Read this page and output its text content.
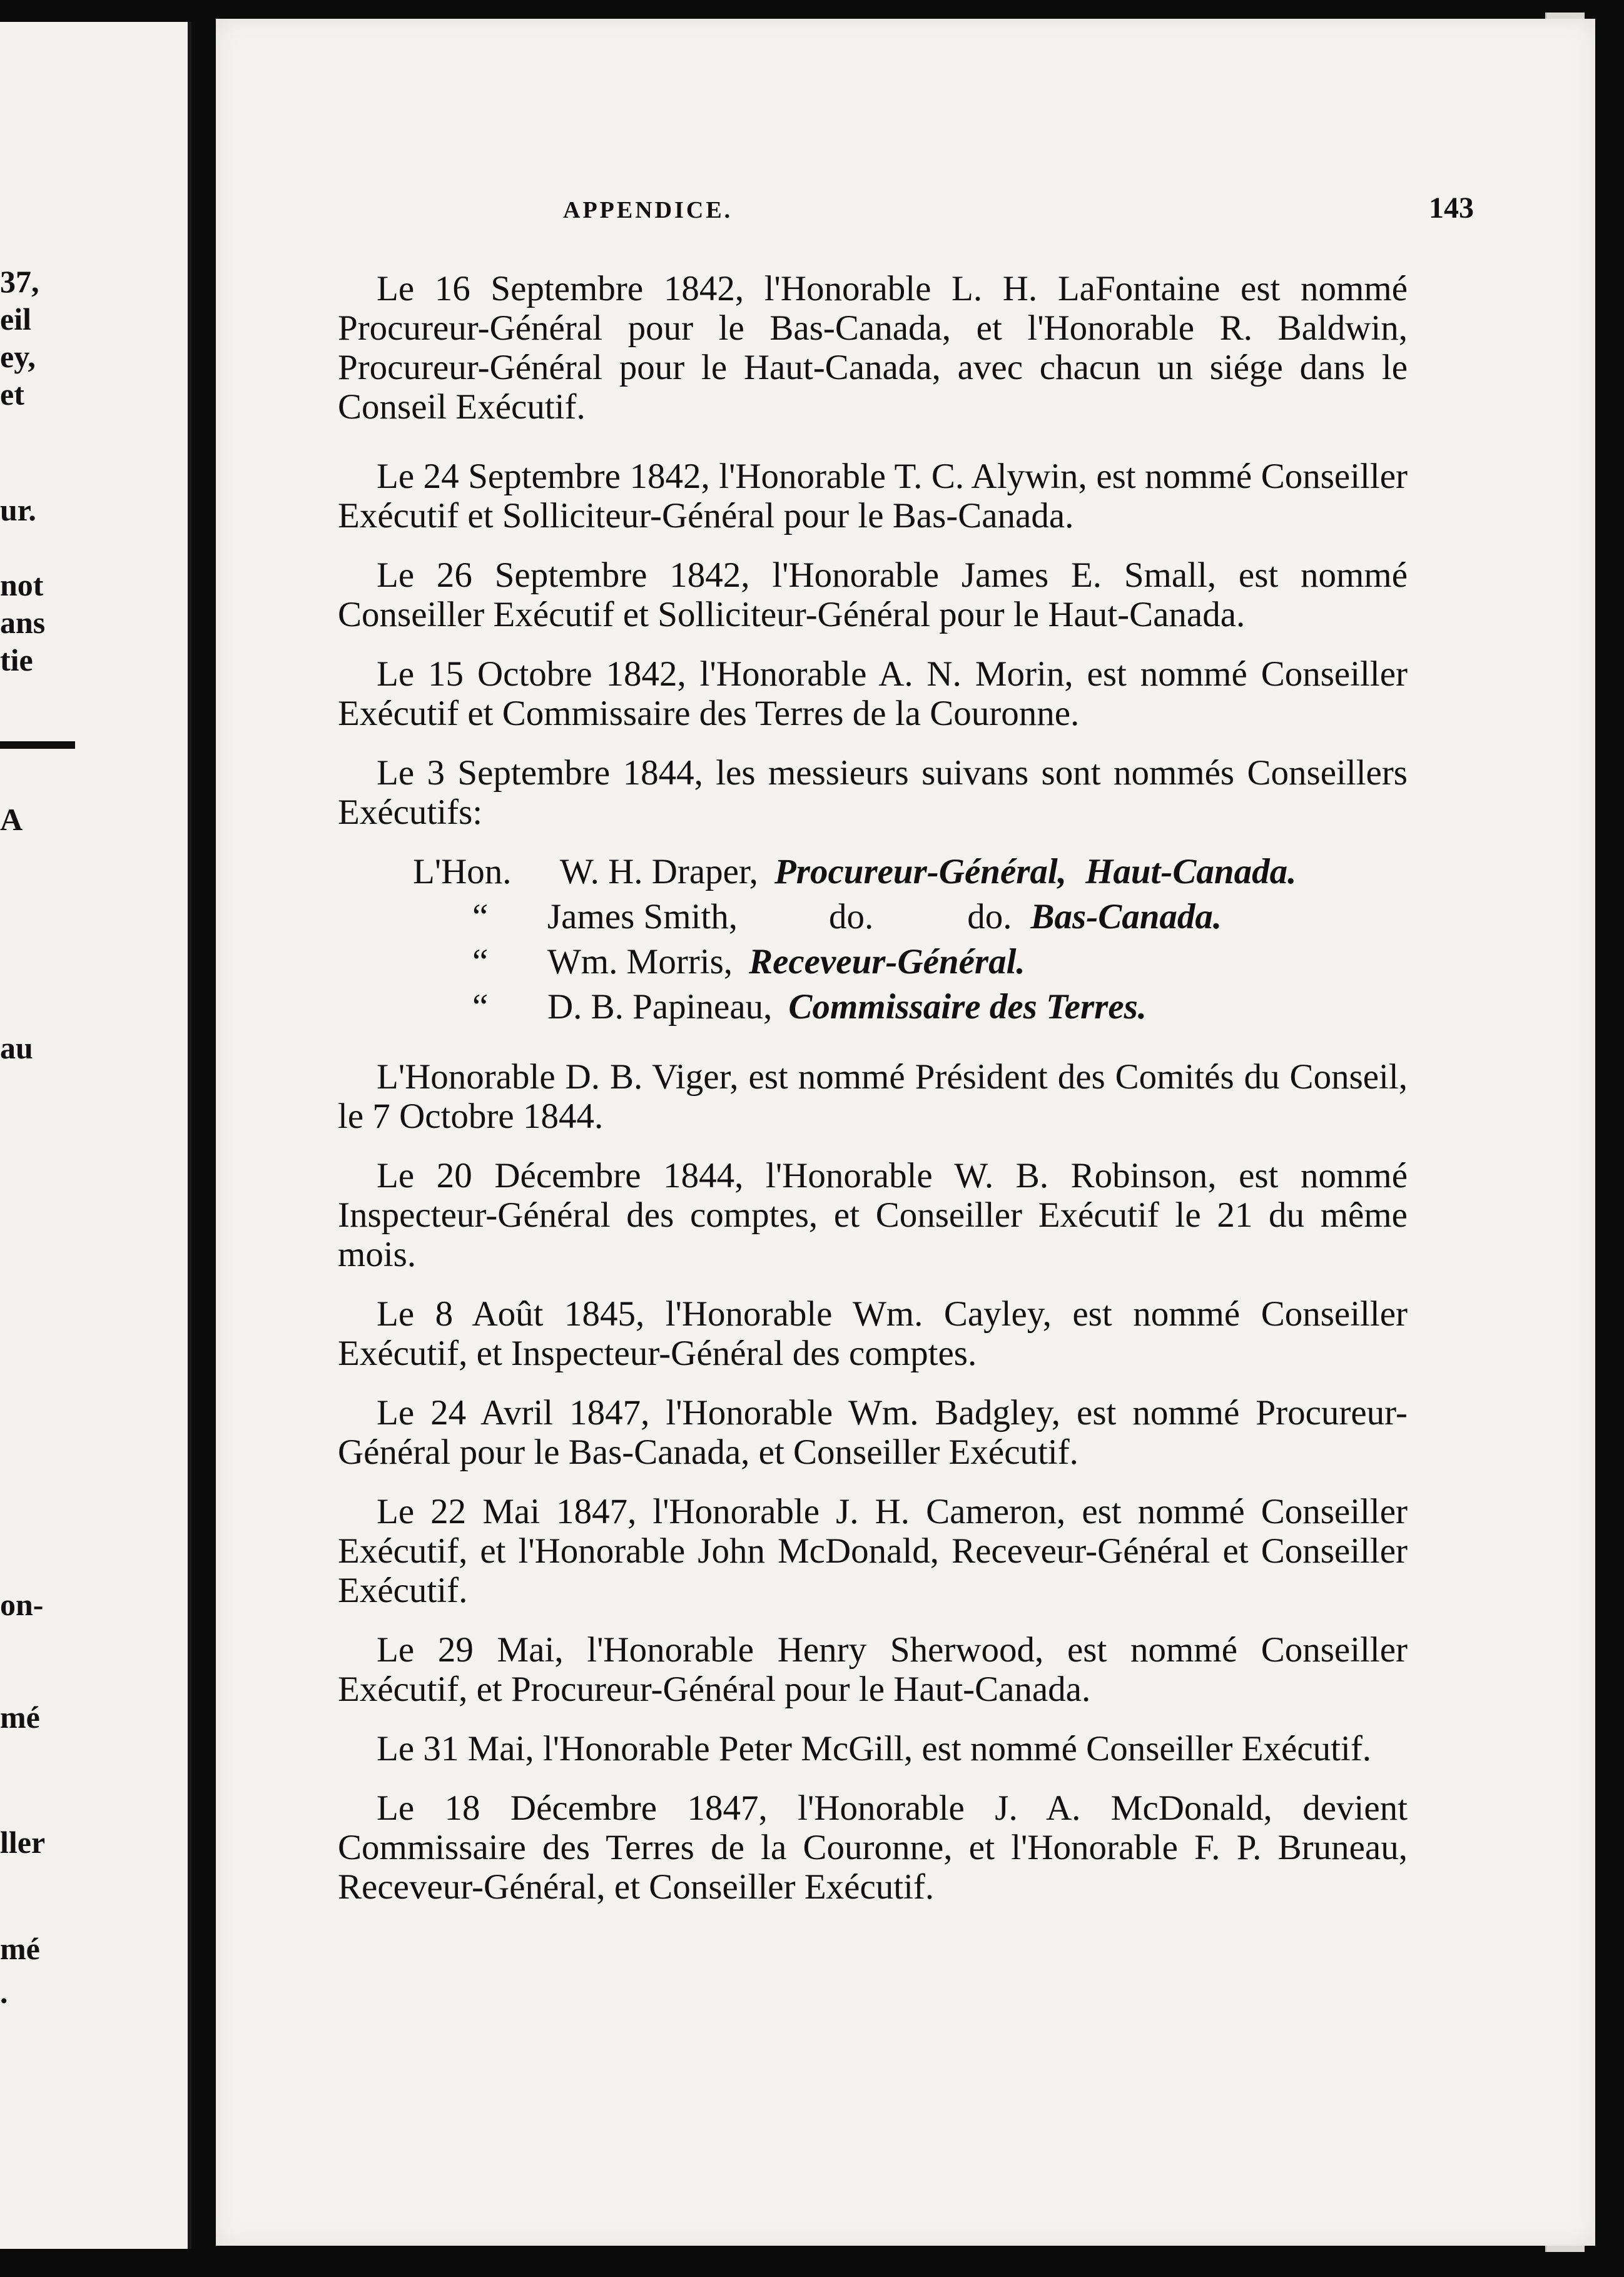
37,
eil
ey,
et
ur.
not
ans
tie
A
au
on-
mé
ller
mé
.
APPENDICE.	143

Le 16 Septembre 1842, l'Honorable L. H. LaFontaine est nommé Procureur-Général pour le Bas-Canada, et l'Honorable R. Baldwin, Procureur-Général pour le Haut-Canada, avec chacun un siége dans le Conseil Exécutif.

Le 24 Septembre 1842, l'Honorable T. C. Alywin, est nommé Conseiller Exécutif et Solliciteur-Général pour le Bas-Canada.

Le 26 Septembre 1842, l'Honorable James E. Small, est nommé Conseiller Exécutif et Solliciteur-Général pour le Haut-Canada.

Le 15 Octobre 1842, l'Honorable A. N. Morin, est nommé Conseiller Exécutif et Commissaire des Terres de la Couronne.

Le 3 Septembre 1844, les messieurs suivans sont nommés Conseillers Exécutifs:

L'Hon.	W. H. Draper, Procureur-Général, Haut-Canada.
“	James Smith,	do.	do. Bas-Canada.
“	Wm. Morris, Receveur-Général.
“	D. B. Papineau, Commissaire des Terres.

L'Honorable D. B. Viger, est nommé Président des Comités du Conseil, le 7 Octobre 1844.

Le 20 Décembre 1844, l'Honorable W. B. Robinson, est nommé Inspecteur-Général des comptes, et Conseiller Exécutif le 21 du même mois.

Le 8 Août 1845, l'Honorable Wm. Cayley, est nommé Conseiller Exécutif, et Inspecteur-Général des comptes.

Le 24 Avril 1847, l'Honorable Wm. Badgley, est nommé Procureur-Général pour le Bas-Canada, et Conseiller Exécutif.

Le 22 Mai 1847, l'Honorable J. H. Cameron, est nommé Conseiller Exécutif, et l'Honorable John McDonald, Receveur-Général et Conseiller Exécutif.

Le 29 Mai, l'Honorable Henry Sherwood, est nommé Conseiller Exécutif, et Procureur-Général pour le Haut-Canada.

Le 31 Mai, l'Honorable Peter McGill, est nommé Conseiller Exécutif.

Le 18 Décembre 1847, l'Honorable J. A. McDonald, devient Commissaire des Terres de la Couronne, et l'Honorable F. P. Bruneau, Receveur-Général, et Conseiller Exécutif.
